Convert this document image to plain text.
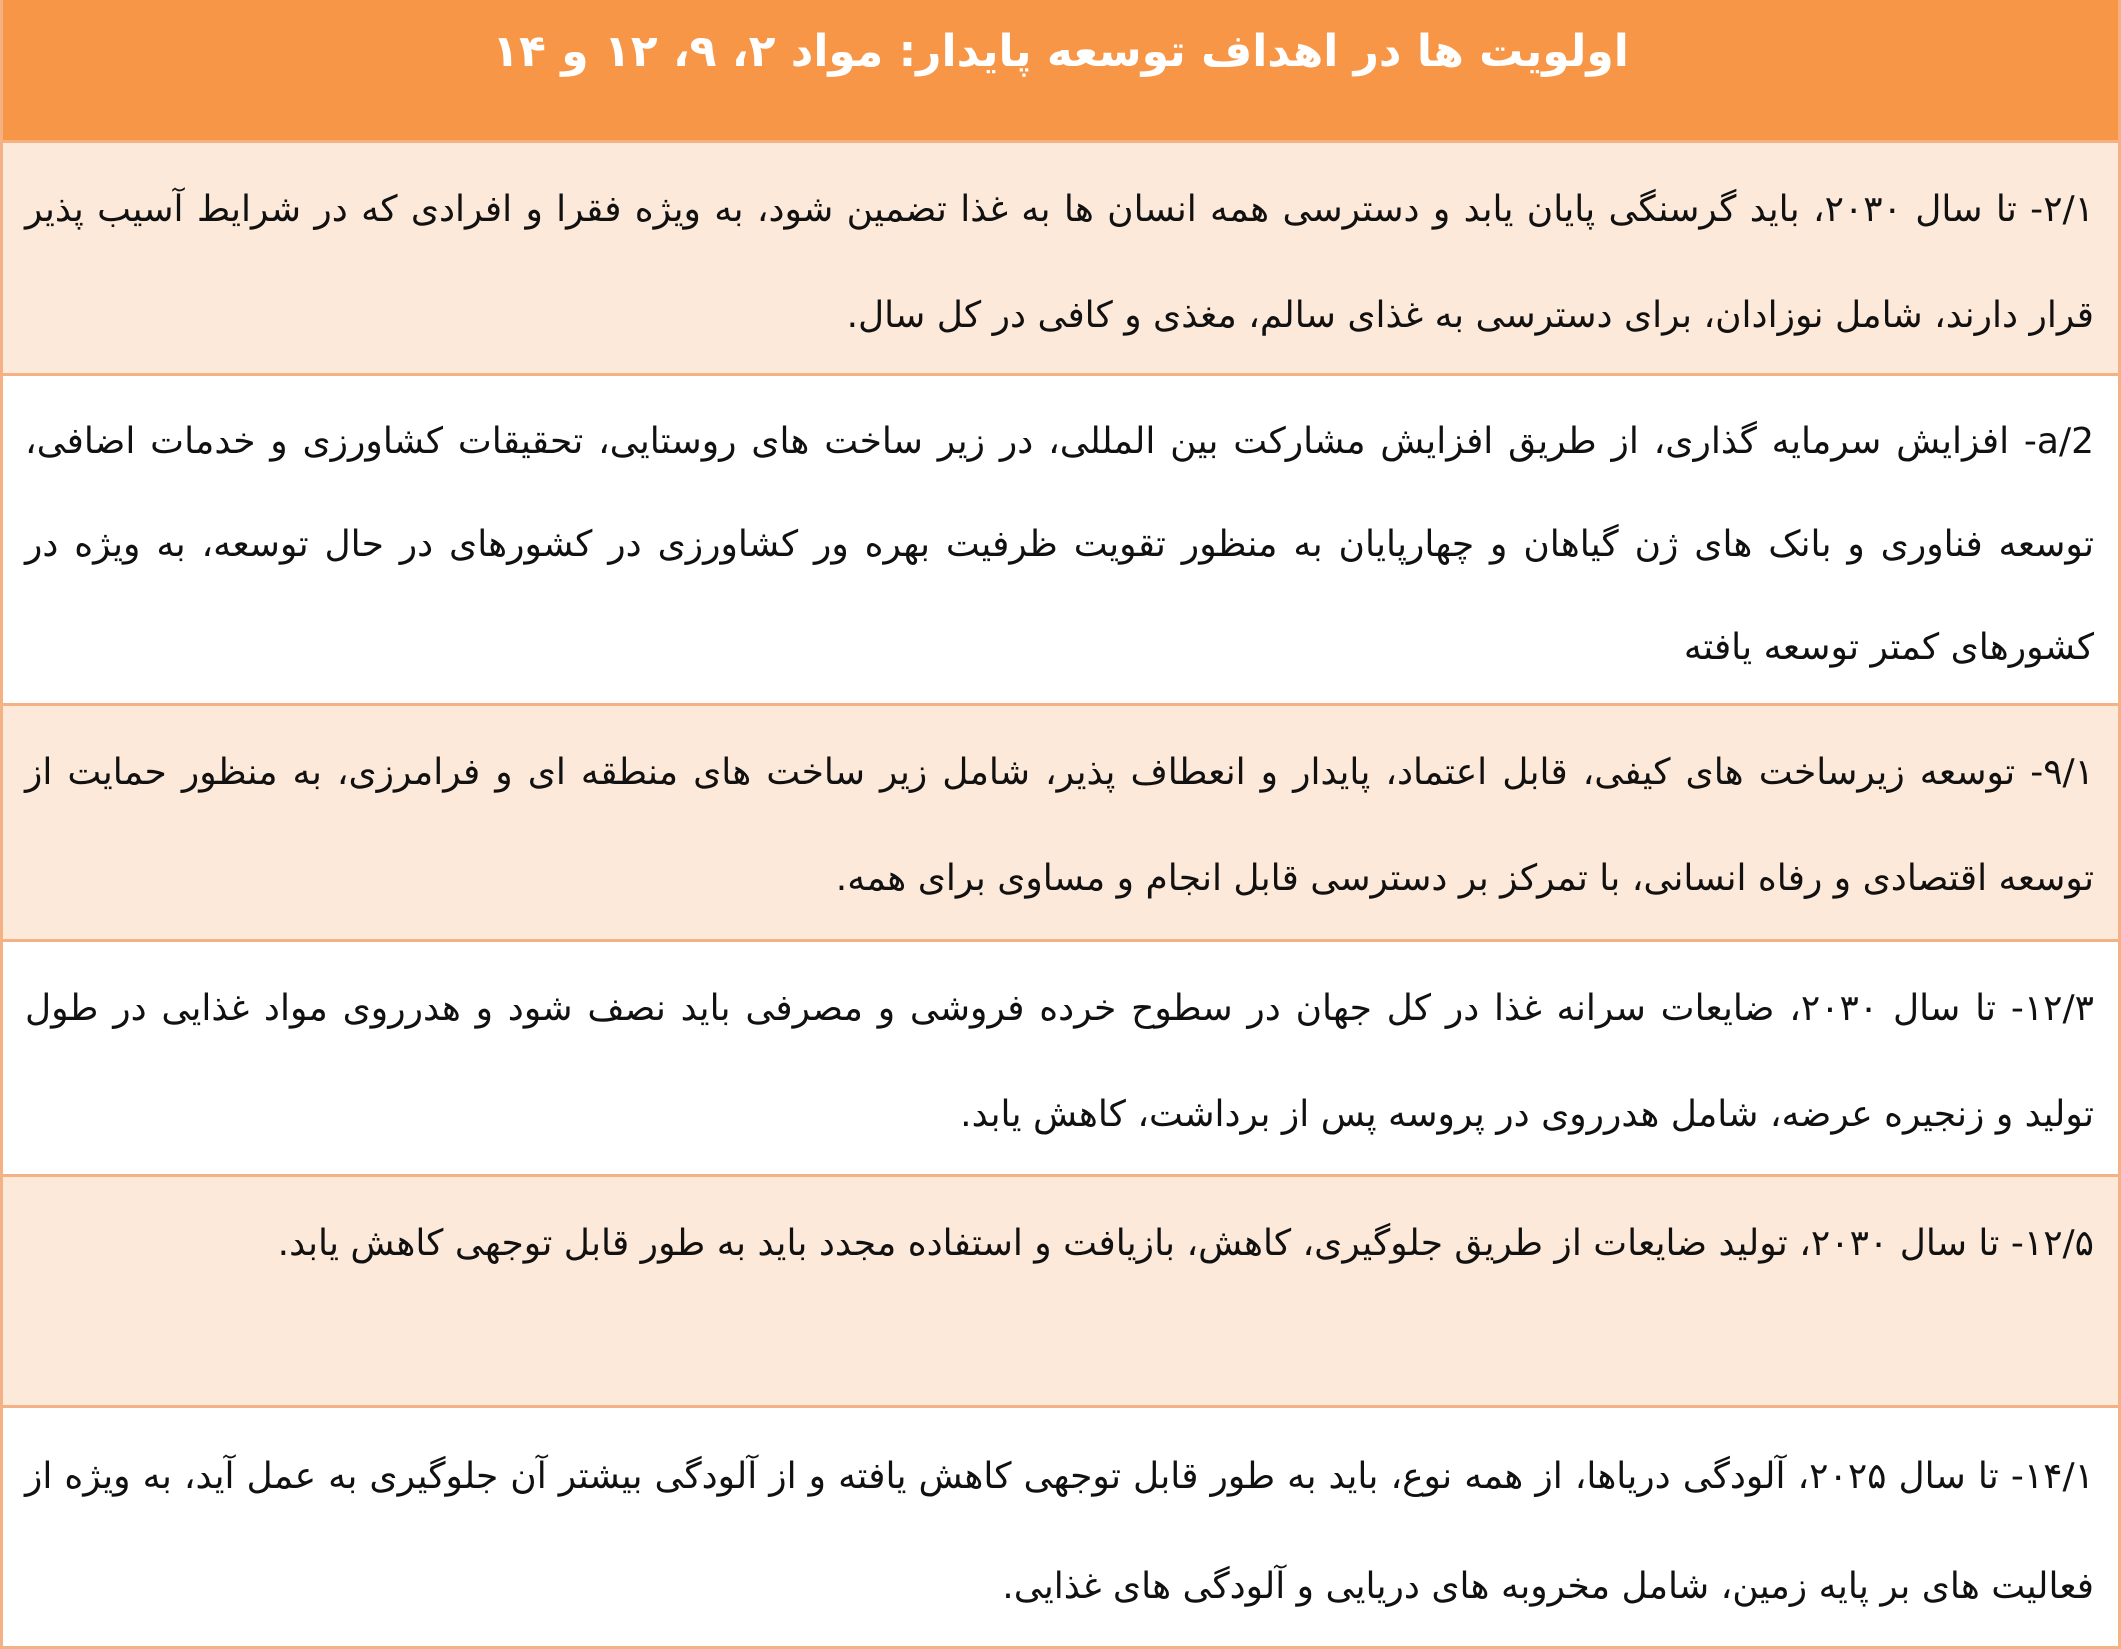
اولویت ها در اهداف توسعه پایدار: مواد ۲، ۹، ۱۲ و ۱۴
۲/۱- تا سال ۲۰۳۰، باید گرسنگی پایان یابد و دسترسی همه انسان ها به غذا تضمین شود، به ویژه فقرا و افرادی که در شرایط آسیب پذیر قرار دارند، شامل نوزادان، برای دسترسی به غذای سالم، مغذی و کافی در کل سال.
2/a- افزایش سرمایه گذاری، از طریق افزایش مشارکت بین المللی، در زیر ساخت های روستایی، تحقیقات کشاورزی و خدمات اضافی، توسعه فناوری و بانک های ژن گیاهان و چهارپایان به منظور تقویت ظرفیت بهره ور کشاورزی در کشورهای در حال توسعه، به ویژه در کشورهای کمتر توسعه یافته
۹/۱- توسعه زیرساخت های کیفی، قابل اعتماد، پایدار و انعطاف پذیر، شامل زیر ساخت های منطقه ای و فرامرزی، به منظور حمایت از توسعه اقتصادی و رفاه انسانی، با تمرکز بر دسترسی قابل انجام و مساوی برای همه.
۱۲/۳- تا سال ۲۰۳۰، ضایعات سرانه غذا در کل جهان در سطوح خرده فروشی و مصرفی باید نصف شود و هدرروی مواد غذایی در طول تولید و زنجیره عرضه، شامل هدرروی در پروسه پس از برداشت، کاهش یابد.
۱۲/۵- تا سال ۲۰۳۰، تولید ضایعات از طریق جلوگیری، کاهش، بازیافت و استفاده مجدد باید به طور قابل توجهی کاهش یابد.
۱۴/۱- تا سال ۲۰۲۵، آلودگی دریاها، از همه نوع، باید به طور قابل توجهی کاهش یافته و از آلودگی بیشتر آن جلوگیری به عمل آید، به ویژه از فعالیت های بر پایه زمین، شامل مخروبه های دریایی و آلودگی های غذایی.
